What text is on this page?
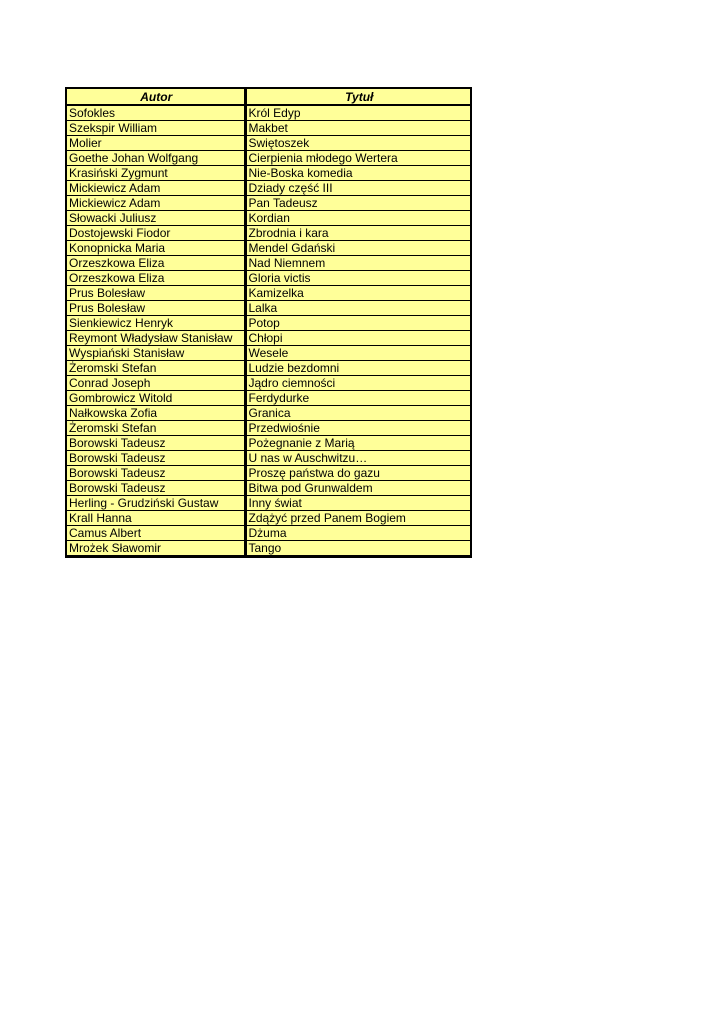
Autor	Tytuł
Sofokles	Król Edyp
Szekspir William	Makbet
Molier	Swiętoszek
Goethe Johan Wolfgang	Cierpienia młodego Wertera
Krasiński Zygmunt	Nie-Boska komedia
Mickiewicz Adam	Dziady część III
Mickiewicz Adam	Pan Tadeusz
Słowacki Juliusz	Kordian
Dostojewski Fiodor	Zbrodnia i kara
Konopnicka Maria	Mendel Gdański
Orzeszkowa Eliza	Nad Niemnem
Orzeszkowa Eliza	Gloria victis
Prus Bolesław	Kamizelka
Prus Bolesław	Lalka
Sienkiewicz Henryk	Potop
Reymont Władysław Stanisław	Chłopi
Wyspiański Stanisław	Wesele
Żeromski Stefan	Ludzie bezdomni
Conrad Joseph	Jądro ciemności
Gombrowicz Witold	Ferdydurke
Nałkowska Zofia	Granica
Żeromski Stefan	Przedwiośnie
Borowski Tadeusz	Pożegnanie z Marią
Borowski Tadeusz	U nas w Auschwitzu…
Borowski Tadeusz	Proszę państwa do gazu
Borowski Tadeusz	Bitwa pod Grunwaldem
Herling - Grudziński Gustaw	Inny świat
Krall Hanna	Zdążyć przed Panem Bogiem
Camus Albert	Dżuma
Mrożek Sławomir	Tango
